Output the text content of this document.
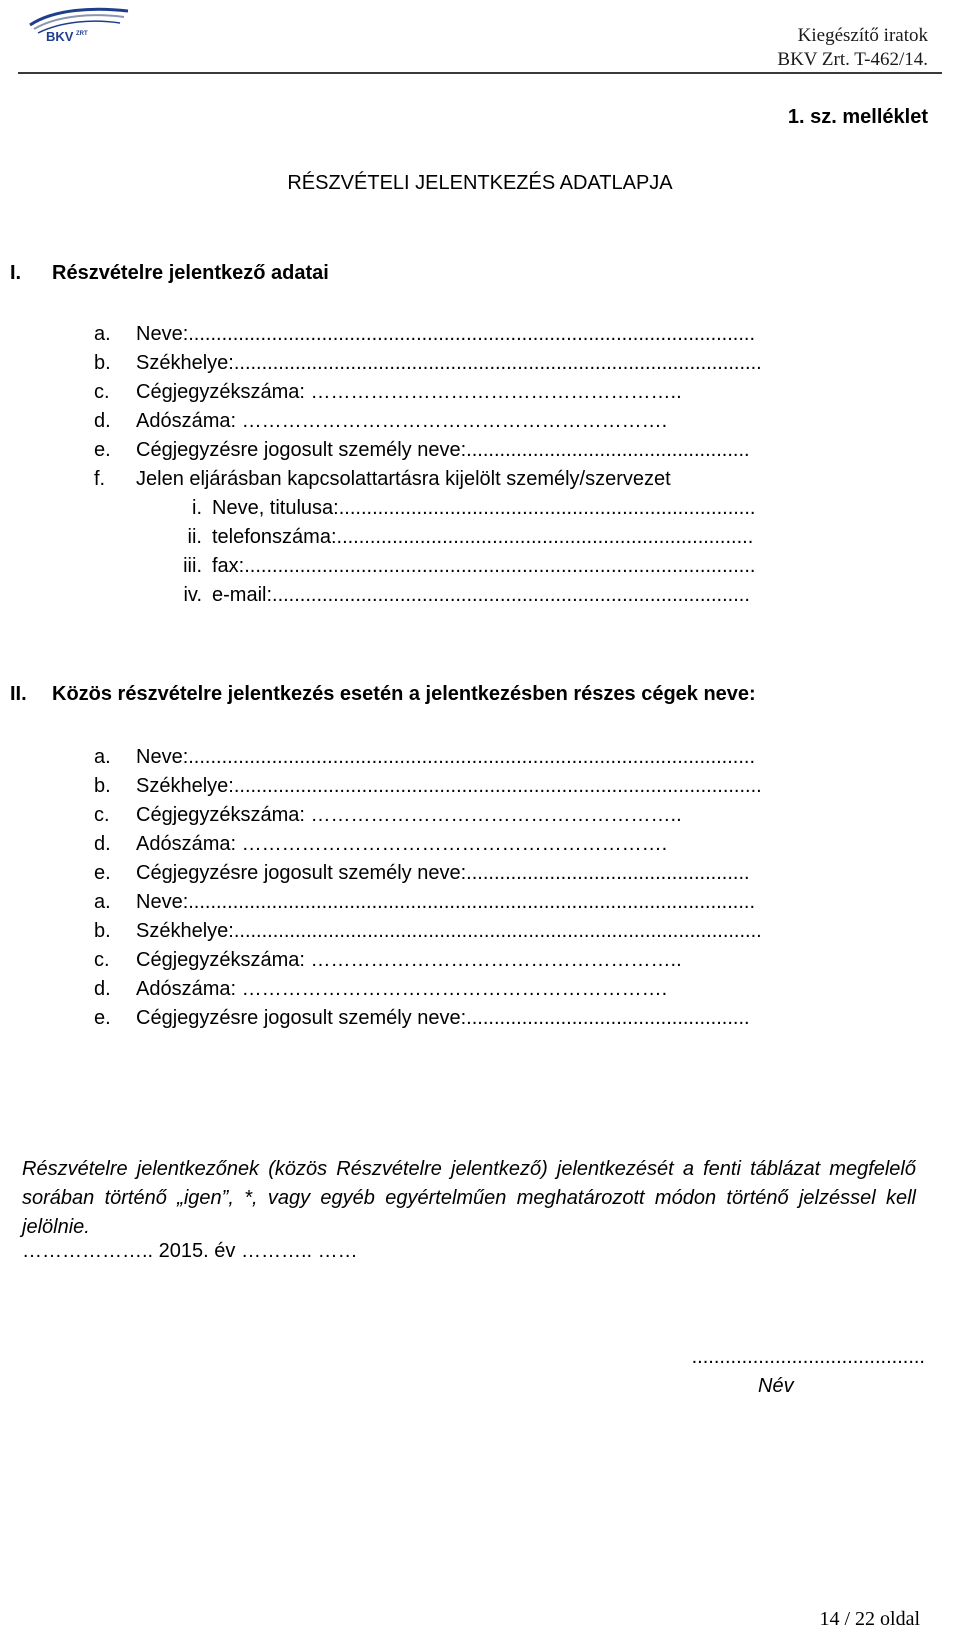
BKV ZRT	Kiegészítő iratok
BKV Zrt. T-462/14.
1. sz. melléklet
RÉSZVÉTELI JELENTKEZÉS ADATLAPJA
I. Részvételre jelentkező adatai
a.	Neve:......................................................................................................
b.	Székhelye:...............................................................................................
c.	Cégjegyzékszáma: ………………………………………………..
d.	Adószáma: ……………………………………………………….
e.	Cégjegyzésre jogosult személy neve:...................................................
f.	Jelen eljárásban kapcsolattartásra kijelölt személy/szervezet
i. Neve, titulusa:...........................................................................
ii. telefonszáma:...........................................................................
iii. fax:............................................................................................
iv. e-mail:......................................................................................
II. Közös részvételre jelentkezés esetén a jelentkezésben részes cégek neve:
a.	Neve:......................................................................................................
b.	Székhelye:...............................................................................................
c.	Cégjegyzékszáma: ………………………………………………..
d.	Adószáma: ……………………………………………………….
e.	Cégjegyzésre jogosult személy neve:...................................................
a.	Neve:......................................................................................................
b.	Székhelye:...............................................................................................
c.	Cégjegyzékszáma: ………………………………………………..
d.	Adószáma: ……………………………………………………….
e.	Cégjegyzésre jogosult személy neve:...................................................
Részvételre jelentkezőnek (közös Részvételre jelentkező) jelentkezését a fenti táblázat megfelelő sorában történő „igen”, *, vagy egyéb egyértelműen meghatározott módon történő jelzéssel kell jelölnie.
……………….. 2015. év ……….. ……
..........................................
Név
14 / 22 oldal
